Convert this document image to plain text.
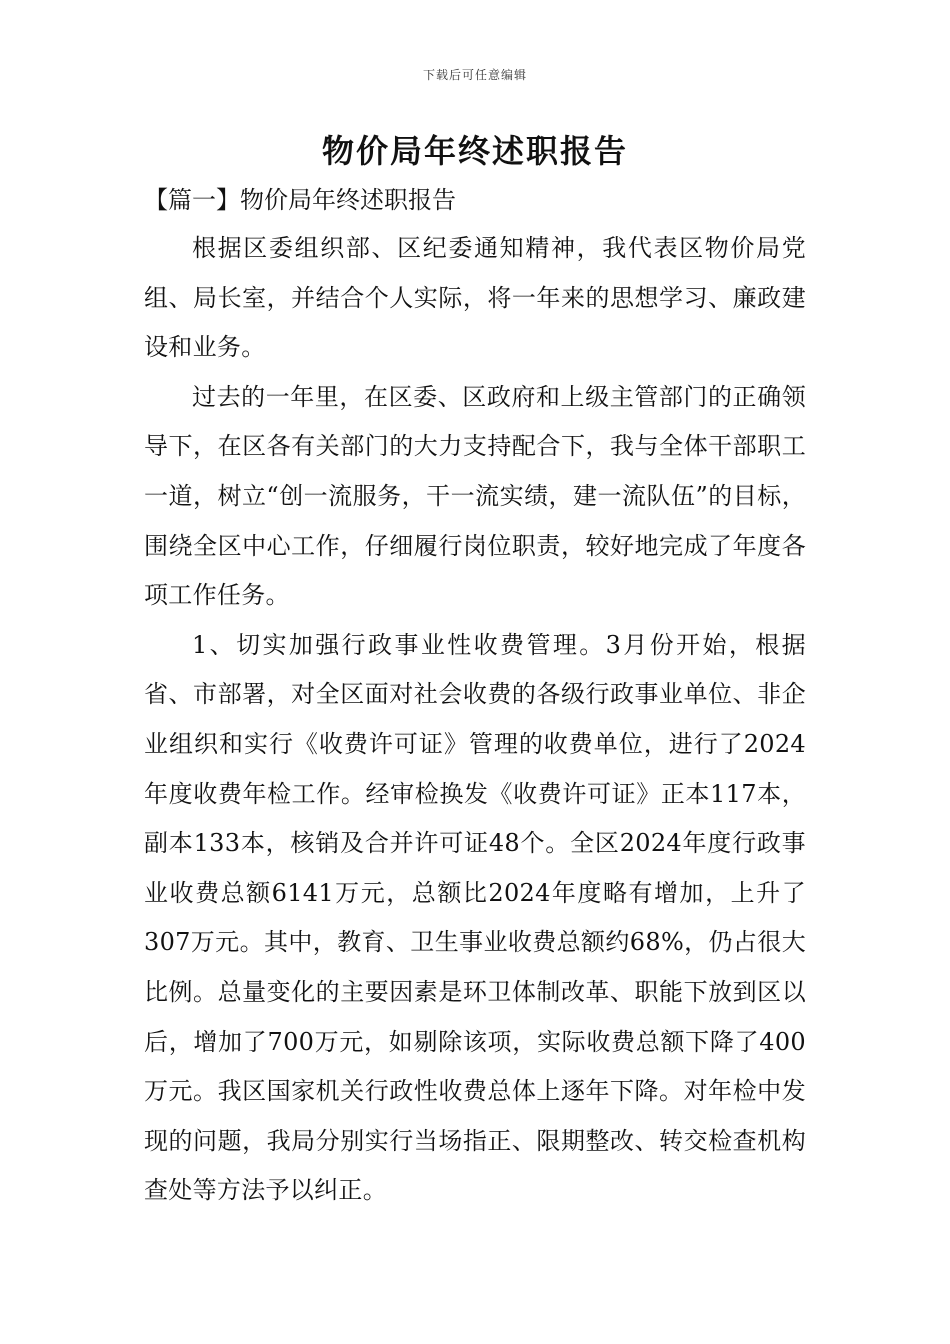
下载后可任意编辑
物价局年终述职报告
【篇一】物价局年终述职报告

根据区委组织部、区纪委通知精神，我代表区物价局党组、局长室，并结合个人实际，将一年来的思想学习、廉政建设和业务。

过去的一年里，在区委、区政府和上级主管部门的正确领导下，在区各有关部门的大力支持配合下，我与全体干部职工一道，树立“创一流服务，干一流实绩，建一流队伍”的目标，围绕全区中心工作，仔细履行岗位职责，较好地完成了年度各项工作任务。

1、切实加强行政事业性收费管理。3月份开始，根据省、市部署，对全区面对社会收费的各级行政事业单位、非企业组织和实行《收费许可证》管理的收费单位，进行了2024年度收费年检工作。经审检换发《收费许可证》正本117本，副本133本，核销及合并许可证48个。全区2024年度行政事业收费总额6141万元，总额比2024年度略有增加，上升了307万元。其中，教育、卫生事业收费总额约68%，仍占很大比例。总量变化的主要因素是环卫体制改革、职能下放到区以后，增加了700万元，如剔除该项，实际收费总额下降了400万元。我区国家机关行政性收费总体上逐年下降。对年检中发现的问题，我局分别实行当场指正、限期整改、转交检查机构查处等方法予以纠正。
